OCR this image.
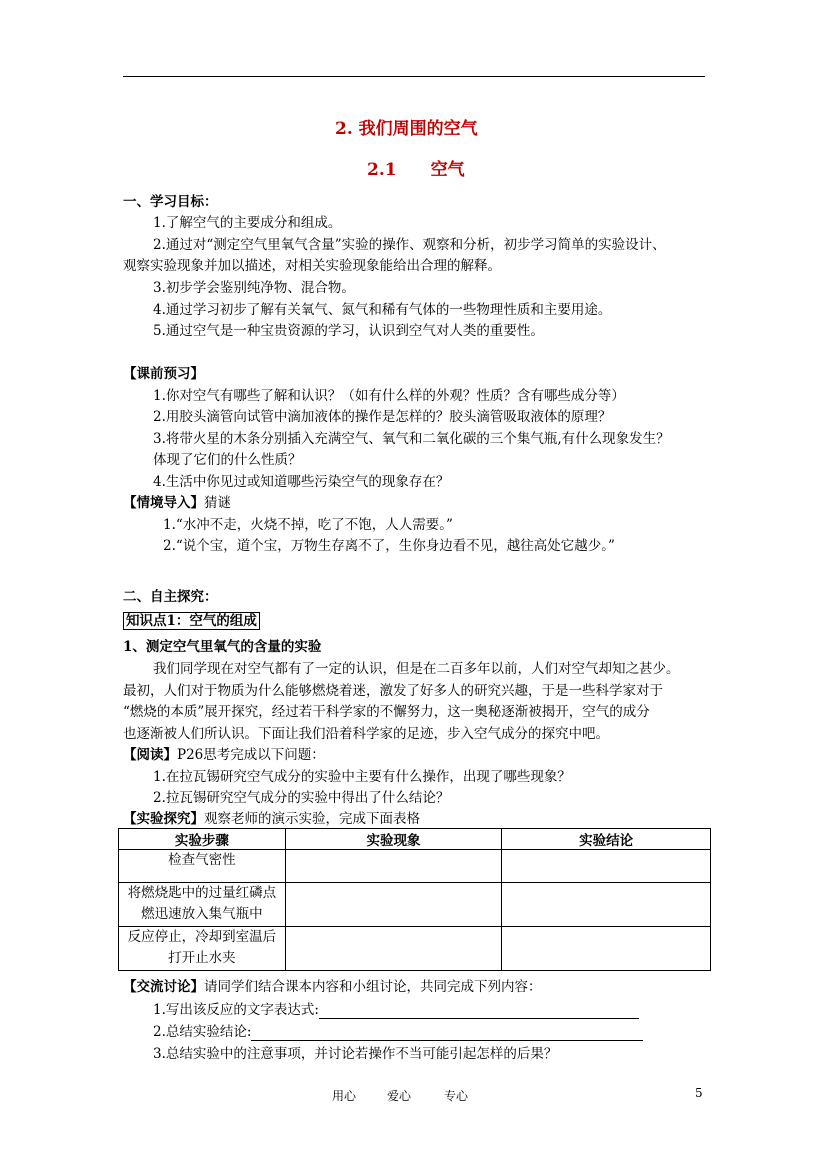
2. 我们周围的空气
2.1　　空气
一、学习目标：
1.了解空气的主要成分和组成。
2.通过对“测定空气里氧气含量”实验的操作、观察和分析，初步学习简单的实验设计、
观察实验现象并加以描述，对相关实验现象能给出合理的解释。
3.初步学会鉴别纯净物、混合物。
4.通过学习初步了解有关氧气、氮气和稀有气体的一些物理性质和主要用途。
5.通过空气是一种宝贵资源的学习，认识到空气对人类的重要性。
【课前预习】
1.你对空气有哪些了解和认识？（如有什么样的外观？性质？含有哪些成分等）
2.用胶头滴管向试管中滴加液体的操作是怎样的？胶头滴管吸取液体的原理？
3.将带火星的木条分别插入充满空气、氧气和二氧化碳的三个集气瓶,有什么现象发生？
体现了它们的什么性质？
4.生活中你见过或知道哪些污染空气的现象存在？
【情境导入】猜谜
1.“水冲不走，火烧不掉，吃了不饱，人人需要。”
2.“说个宝，道个宝，万物生存离不了，生你身边看不见，越往高处它越少。”
二、自主探究：
知识点1：空气的组成
1、测定空气里氧气的含量的实验
我们同学现在对空气都有了一定的认识，但是在二百多年以前，人们对空气却知之甚少。
最初，人们对于物质为什么能够燃烧着迷，激发了好多人的研究兴趣，于是一些科学家对于
“燃烧的本质”展开探究，经过若干科学家的不懈努力，这一奥秘逐渐被揭开，空气的成分
也逐渐被人们所认识。下面让我们沿着科学家的足迹，步入空气成分的探究中吧。
【阅读】P26思考完成以下问题：
1.在拉瓦锡研究空气成分的实验中主要有什么操作，出现了哪些现象？
2.拉瓦锡研究空气成分的实验中得出了什么结论？
【实验探究】观察老师的演示实验，完成下面表格
实验步骤	实验现象	实验结论
检查气密性		
将燃烧匙中的过量红磷点燃迅速放入集气瓶中		
反应停止，冷却到室温后打开止水夹		
【交流讨论】请同学们结合课本内容和小组讨论，共同完成下列内容：
1.写出该反应的文字表达式:
2.总结实验结论:
3.总结实验中的注意事项，并讨论若操作不当可能引起怎样的后果？
用心	爱心	专心	5
